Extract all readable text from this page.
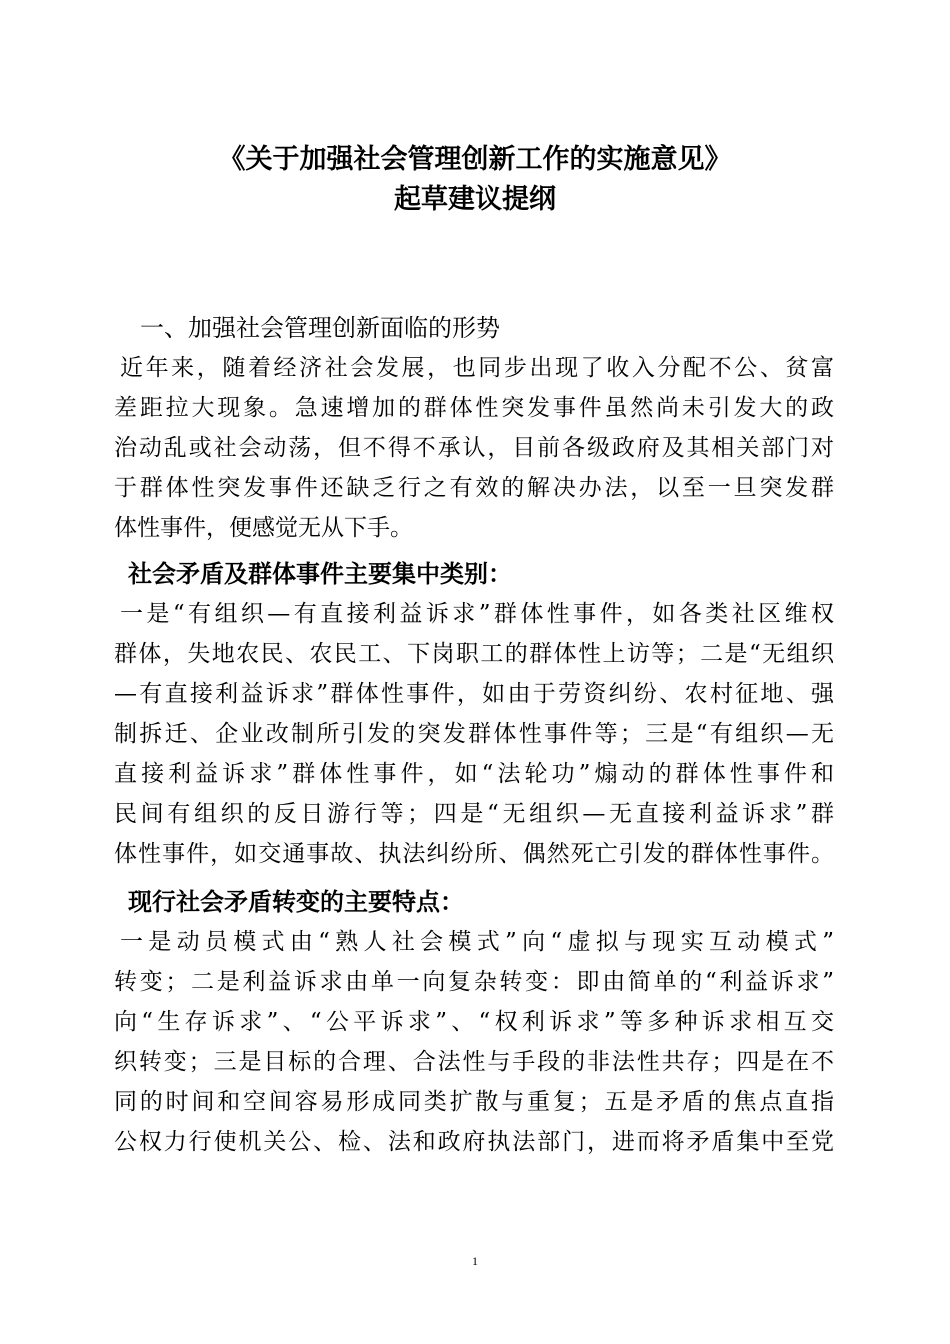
《关于加强社会管理创新工作的实施意见》
起草建议提纲
一、加强社会管理创新面临的形势
近年来，随着经济社会发展，也同步出现了收入分配不公、贫富
差距拉大现象。急速增加的群体性突发事件虽然尚未引发大的政
治动乱或社会动荡，但不得不承认，目前各级政府及其相关部门对
于群体性突发事件还缺乏行之有效的解决办法，以至一旦突发群
体性事件，便感觉无从下手。
社会矛盾及群体事件主要集中类别：
一是“有组织—有直接利益诉求”群体性事件，如各类社区维权
群体，失地农民、农民工、下岗职工的群体性上访等；二是“无组织
—有直接利益诉求”群体性事件，如由于劳资纠纷、农村征地、强
制拆迁、企业改制所引发的突发群体性事件等；三是“有组织—无
直接利益诉求”群体性事件，如“法轮功”煽动的群体性事件和
民间有组织的反日游行等；四是“无组织—无直接利益诉求”群
体性事件，如交通事故、执法纠纷所、偶然死亡引发的群体性事件。
现行社会矛盾转变的主要特点：
一是动员模式由“熟人社会模式”向“虚拟与现实互动模式”
转变；二是利益诉求由单一向复杂转变：即由简单的“利益诉求”
向“生存诉求”、“公平诉求”、“权利诉求”等多种诉求相互交
织转变；三是目标的合理、合法性与手段的非法性共存；四是在不
同的时间和空间容易形成同类扩散与重复；五是矛盾的焦点直指
公权力行使机关公、检、法和政府执法部门，进而将矛盾集中至党
1
